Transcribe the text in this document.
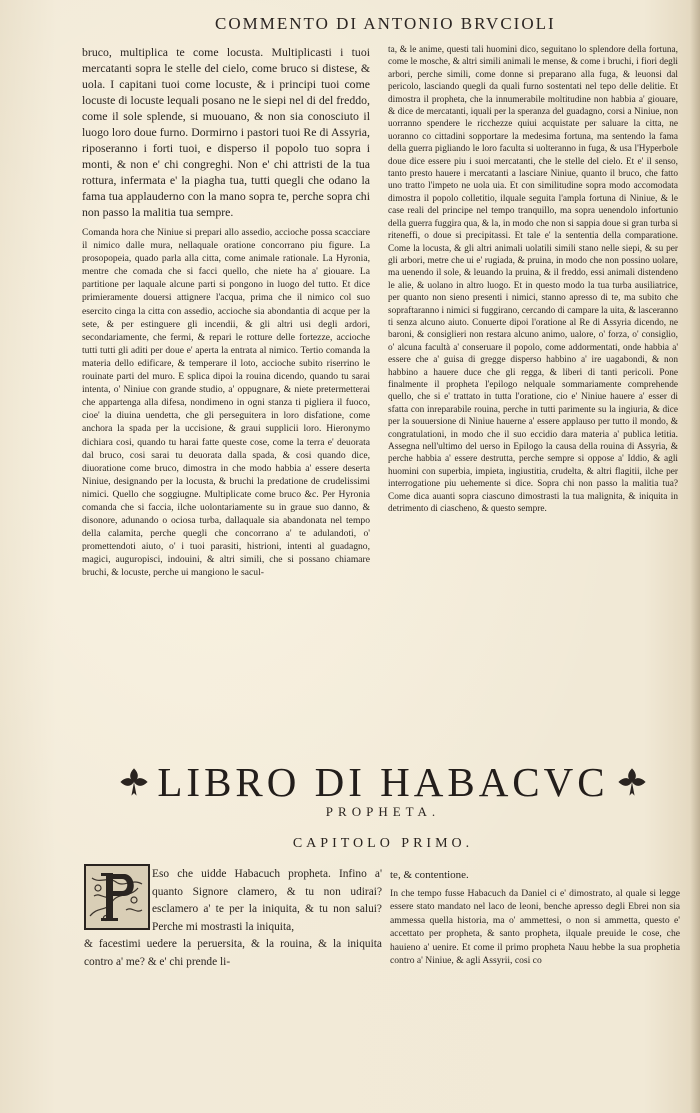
COMMENTO DI ANTONIO BRVCIOLI

bruco, multiplica te come locusta. Multiplicasti i tuoi mercatanti sopra le stelle del cielo, come bruco si distese, & uola. I capitani tuoi come locuste, & i principi tuoi come locuste di locuste lequali posano ne le siepi nel di del freddo, come il sole splende, si muouano, & non sia conosciuto il luogo loro doue furno. Dormirno i pastori tuoi Re di Assyria, riposeranno i forti tuoi, e disperso il popolo tuo sopra i monti, & non e' chi congreghi. Non e' chi attristi de la tua rottura, infermata e' la piagha tua, tutti quegli che odano la fama tua applauderno con la mano sopra te, perche sopra chi non passo la malitia tua sempre.

Comanda hora che Niniue si prepari allo assedio, accioche possa scacciare il nimico dalle mura, nellaquale oratione concorrano piu figure. La prosopopeia, quado parla alla citta, come animale rationale. La Hyronia, mentre che comada che si facci quello, che niete ha a' giouare. La partitione per laquale alcune parti si pongono in luogo del tutto. Et dice primieramente douersi attignere l'acqua, prima che il nimico col suo esercito cinga la citta con assedio, accioche sia abondantia di acque per la sete, & per estinguere gli incendii, & gli altri usi degli ardori, secondariamente, che fermi, & repari le rotture delle fortezze, accioche tutti tutti gli aditi per doue e' aperta la entrata al nimico. Tertio comanda la materia dello edificare, & temperare il loto, accioche subito riserrino le rouinate parti del muro. E splica dipoi la rouina dicendo, quando tu sarai intenta, o' Niniue con grande studio, a' oppugnare, & niete pretermetterai che appartenga alla difesa, nondimeno in ogni stanza ti pigliera il fuoco, cioe' la diuina uendetta, che gli perseguitera in loro disfatione, come anchora la spada per la uccisione, & graui supplicii loro. Hieronymo dichiara cosi, quando tu harai fatte queste cose, come la terra e' deuorata dal bruco, cosi sarai tu deuorata dalla spada, & cosi quando dice, diuoratione come bruco, dimostra in che modo habbia a' essere deserta Niniue, designando per la locusta, & bruchi la predatione de crudelissimi nimici. Quello che soggiugne. Multiplicate come bruco &c. Per Hyronia comanda che si faccia, ilche uolontariamente su in graue suo danno, & disonore, adunando o ociosa turba, dallaquale sia abandonata nel tempo della calamita, perche quegli che concorrano a' te adulandoti, o' promettendoti aiuto, o' i tuoi parasiti, histrioni, intenti al guadagno, magici, auguropisci, indouini, & altri simili, che si possano chiamare bruchi, & locuste, perche ui mangiono le sacul-

ta, & le anime, questi tali huomini dico, seguitano lo splendore della fortuna, come le mosche, & altri simili animali le mense, & come i bruchi, i fiori degli arbori, perche simili, come donne si preparano alla fuga, & leuonsi dal pericolo, lasciando quegli da quali furno sostentati nel tepo delle delitie. Et dimostra il propheta, che la innumerabile moltitudine non habbia a' giouare, & dice de mercatanti, iquali per la speranza del guadagno, corsi a Niniue, non uorranno spendere le ricchezze quiui acquistate per saluare la citta, ne uoranno co cittadini sopportare la medesima fortuna, ma sentendo la fama della guerra pigliando le loro faculta si uolteranno in fuga, & usa l'Hyperbole doue dice essere piu i suoi mercatanti, che le stelle del cielo. Et e' il senso, tanto presto hauere i mercatanti a lasciare Niniue, quanto il bruco, che fatto uno tratto l'impeto ne uola uia. Et con similitudine sopra modo accomodata dimostra il popolo colletitio, ilquale seguita l'ampla fortuna di Niniue, & le case reali del principe nel tempo tranquillo, ma sopra uenendolo infortunio della guerra fuggira qua, & la, in modo che non si sappia doue si gran turba si riteneffi, o doue si precipitassi. Et tale e' la sententia della comparatione. Come la locusta, & gli altri animali uolatili simili stano nelle siepi, & su per gli arbori, metre che ui e' rugiada, & pruina, in modo che non possino uolare, ma uenendo il sole, & leuando la pruina, & il freddo, essi animali distendeno le alie, & uolano in altro luogo. Et in questo modo la tua turba ausiliatrice, per quanto non sieno presenti i nimici, stanno apresso di te, ma subito che sopraftaranno i nimici si fuggirano, cercando di campare la uita, & lasceranno ti senza alcuno aiuto. Conuerte dipoi l'oratione al Re di Assyria dicendo, ne baroni, & consiglieri non restara alcuno animo, ualore, o' forza, o' consiglio, o' alcuna facultà a' conseruare il popolo, come addormentati, onde habbia a' essere che a' guisa di gregge disperso habbino a' ire uagabondi, & non habbino a hauere duce che gli regga, & liberi di tanti pericoli. Pone finalmente il propheta l'epilogo nelquale sommariamente comprehende quello, che si e' trattato in tutta l'oratione, cio e' Niniue hauere a' esser di sfatta con inreparabile rouina, perche in tutti parimente su la ingiuria, & dice per la souuersione di Niniue hauerne a' essere applauso per tutto il mondo, & congratulationi, in modo che il suo eccidio dara materia a' publica letitia. Assegna nell'ultimo del uerso in Epilogo la causa della rouina di Assyria, & perche habbia a' essere destrutta, perche sempre si oppose a' Iddio, & agli huomini con superbia, impieta, ingiustitia, crudelta, & altri flagitii, ilche per interrogatione piu uehemente si dice. Sopra chi non passo la malitia tua? Come dica auanti sopra ciascuno dimostrasti la tua malignita, & iniquita in detrimento di ciascheno, & questo sempre.

LIBRO DI HABACVC
PROPHETA.
CAPITOLO PRIMO.
Eso che uidde Habacuch propheta. Infino a' quanto Signore clamero, & tu non udirai? esclamero a' te per la iniquita, & tu non salui? Perche mi mostrasti la iniquita,
& facestimi uedere la peruersita, & la rouina, & la iniquita contro a' me? & e' chi prende li-
te, & contentione.
In che tempo fusse Habacuch da Daniel ci e' dimostrato, al quale si legge essere stato mandato nel laco de leoni, benche apresso degli Ebrei non sia ammessa quella historia, ma o' ammettesi, o non si ammetta, questo e' accettato per propheta, & santo propheta, ilquale preuide le cose, che hauieno a' uenire. Et come il primo propheta Nauu hebbe la sua prophetia contro a' Niniue, & agli Assyrii, cosi co
